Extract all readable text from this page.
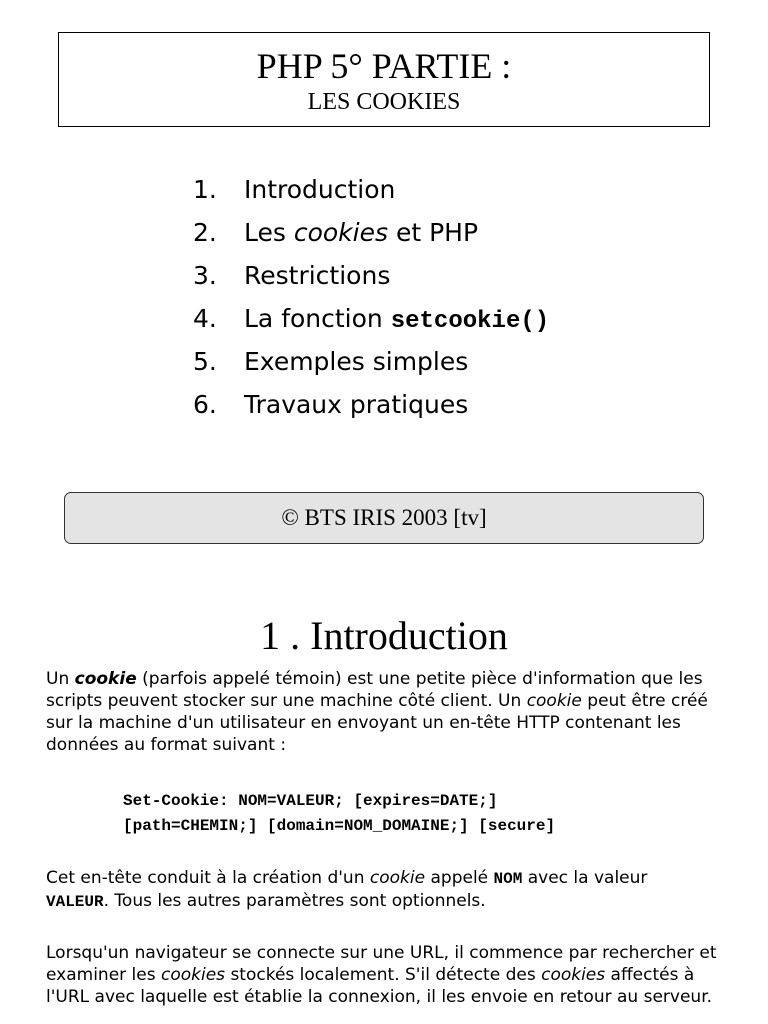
PHP 5° PARTIE :
LES COOKIES
1. Introduction
2. Les cookies et PHP
3. Restrictions
4. La fonction setcookie()
5. Exemples simples
6. Travaux pratiques
© BTS IRIS 2003 [tv]
1 . Introduction

Un cookie (parfois appelé témoin) est une petite pièce d'information que les
scripts peuvent stocker sur une machine côté client. Un cookie peut être créé
sur la machine d'un utilisateur en envoyant un en-tête HTTP contenant les
données au format suivant :

Set-Cookie: NOM=VALEUR; [expires=DATE;]
[path=CHEMIN;] [domain=NOM_DOMAINE;] [secure]

Cet en-tête conduit à la création d'un cookie appelé NOM avec la valeur
VALEUR. Tous les autres paramètres sont optionnels.

Lorsqu'un navigateur se connecte sur une URL, il commence par rechercher et
examiner les cookies stockés localement. S'il détecte des cookies affectés à
l'URL avec laquelle est établie la connexion, il les envoie en retour au serveur.
